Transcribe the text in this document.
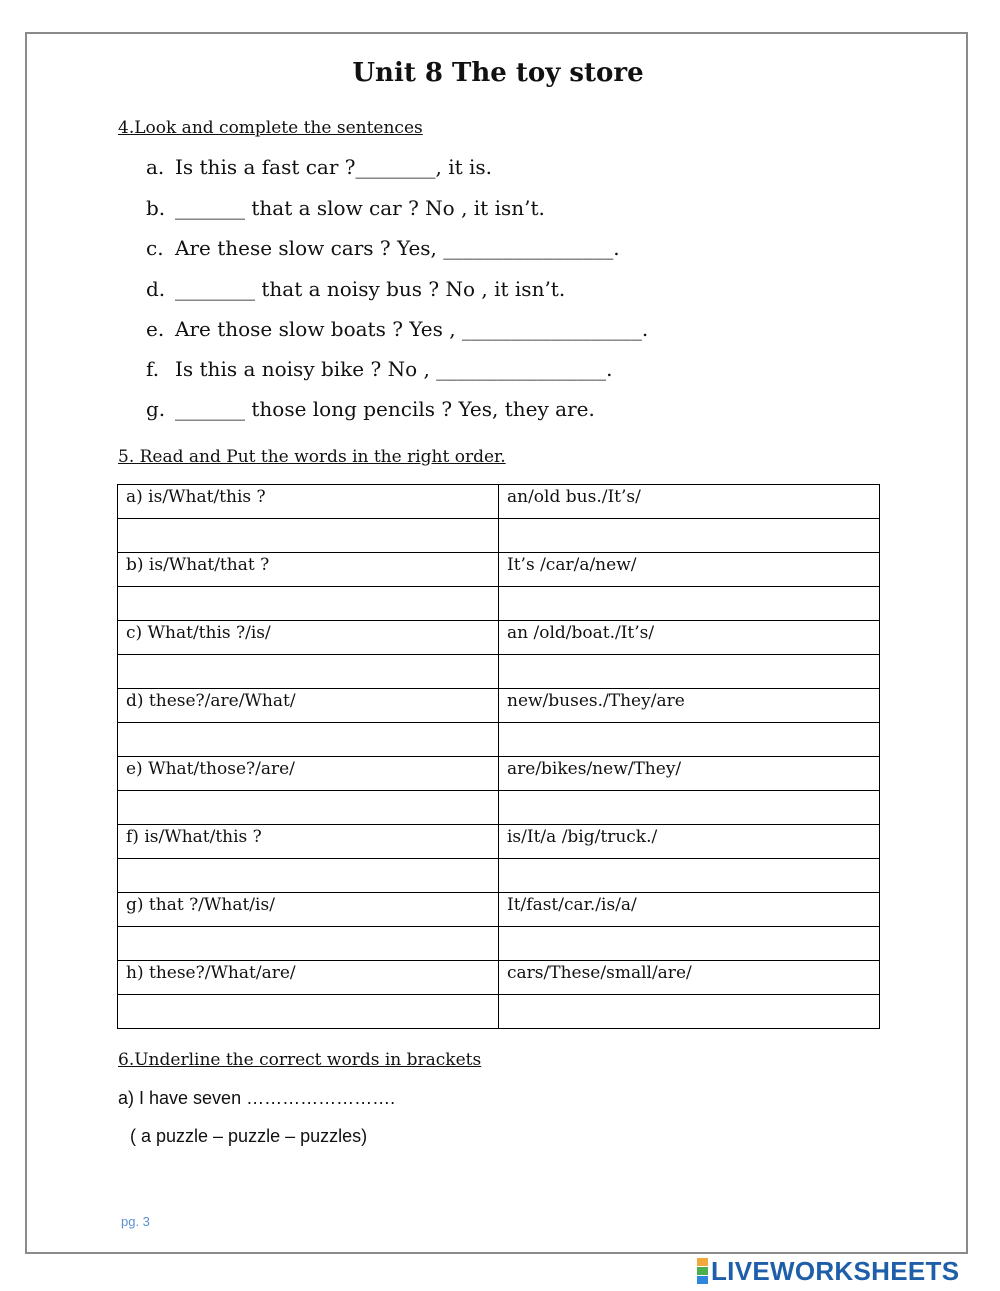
Unit 8 The toy store
4.Look and complete the sentences
a. Is this a fast car ?________, it is.
b. _______ that a slow car ? No , it isn’t.
c. Are these slow cars ? Yes, _________________.
d. ________ that a noisy bus ? No , it isn’t.
e. Are those slow boats ? Yes , __________________.
f. Is this a noisy bike ? No , _________________.
g. _______ those long pencils ? Yes, they are.
5. Read and Put the words in the right order.
a) is/What/this ?	an/old bus./It’s/

b) is/What/that ?	It’s /car/a/new/

c) What/this ?/is/	an /old/boat./It’s/

d) these?/are/What/	new/buses./They/are

e) What/those?/are/	are/bikes/new/They/

f) is/What/this ?	is/It/a /big/truck./

g) that ?/What/is/	It/fast/car./is/a/

h) these?/What/are/	cars/These/small/are/

6.Underline the correct words in brackets
a) I have seven …………………….
( a puzzle – puzzle – puzzles)
pg. 3
LIVEWORKSHEETS
